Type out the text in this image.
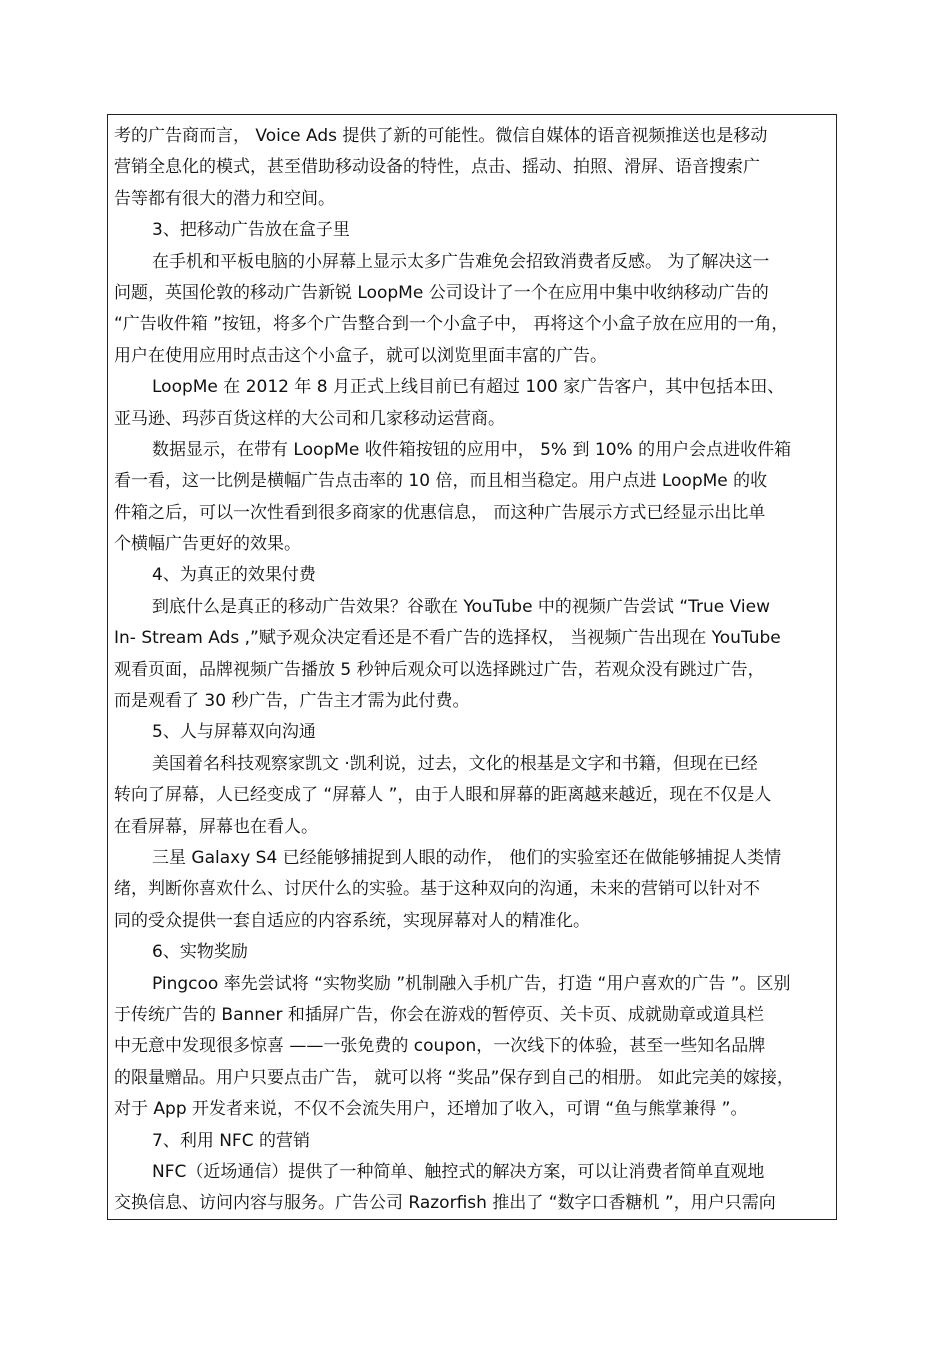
考的广告商而言， Voice Ads 提供了新的可能性。微信自媒体的语音视频推送也是移动
营销全息化的模式，甚至借助移动设备的特性，点击、摇动、拍照、滑屏、语音搜索广
告等都有很大的潜力和空间。
3、把移动广告放在盒子里
在手机和平板电脑的小屏幕上显示太多广告难免会招致消费者反感。 为了解决这一
问题，英国伦敦的移动广告新锐 LoopMe 公司设计了一个在应用中集中收纳移动广告的
“广告收件箱 ”按钮，将多个广告整合到一个小盒子中， 再将这个小盒子放在应用的一角，
用户在使用应用时点击这个小盒子，就可以浏览里面丰富的广告。
LoopMe 在 2012 年 8 月正式上线目前已有超过 100 家广告客户，其中包括本田、
亚马逊、玛莎百货这样的大公司和几家移动运营商。
数据显示，在带有 LoopMe 收件箱按钮的应用中， 5% 到 10% 的用户会点进收件箱
看一看，这一比例是横幅广告点击率的 10 倍，而且相当稳定。用户点进 LoopMe 的收
件箱之后，可以一次性看到很多商家的优惠信息， 而这种广告展示方式已经显示出比单
个横幅广告更好的效果。
4、为真正的效果付费
到底什么是真正的移动广告效果？谷歌在 YouTube 中的视频广告尝试 “True View
In- Stream Ads ,”赋予观众决定看还是不看广告的选择权， 当视频广告出现在 YouTube
观看页面，品牌视频广告播放 5 秒钟后观众可以选择跳过广告，若观众没有跳过广告，
而是观看了 30 秒广告，广告主才需为此付费。
5、人与屏幕双向沟通
美国着名科技观察家凯文 ·凯利说，过去，文化的根基是文字和书籍，但现在已经
转向了屏幕，人已经变成了 “屏幕人 ”，由于人眼和屏幕的距离越来越近，现在不仅是人
在看屏幕，屏幕也在看人。
三星 Galaxy S4 已经能够捕捉到人眼的动作， 他们的实验室还在做能够捕捉人类情
绪，判断你喜欢什么、讨厌什么的实验。基于这种双向的沟通，未来的营销可以针对不
同的受众提供一套自适应的内容系统，实现屏幕对人的精准化。
6、实物奖励
Pingcoo 率先尝试将 “实物奖励 ”机制融入手机广告，打造 “用户喜欢的广告 ”。区别
于传统广告的 Banner 和插屏广告，你会在游戏的暂停页、关卡页、成就勋章或道具栏
中无意中发现很多惊喜 ——一张免费的 coupon，一次线下的体验，甚至一些知名品牌
的限量赠品。用户只要点击广告， 就可以将 “奖品”保存到自己的相册。 如此完美的嫁接，
对于 App 开发者来说，不仅不会流失用户，还增加了收入，可谓 “鱼与熊掌兼得 ”。
7、利用 NFC 的营销
NFC（近场通信）提供了一种简单、触控式的解决方案，可以让消费者简单直观地
交换信息、访问内容与服务。广告公司 Razorfish 推出了 “数字口香糖机 ”，用户只需向
